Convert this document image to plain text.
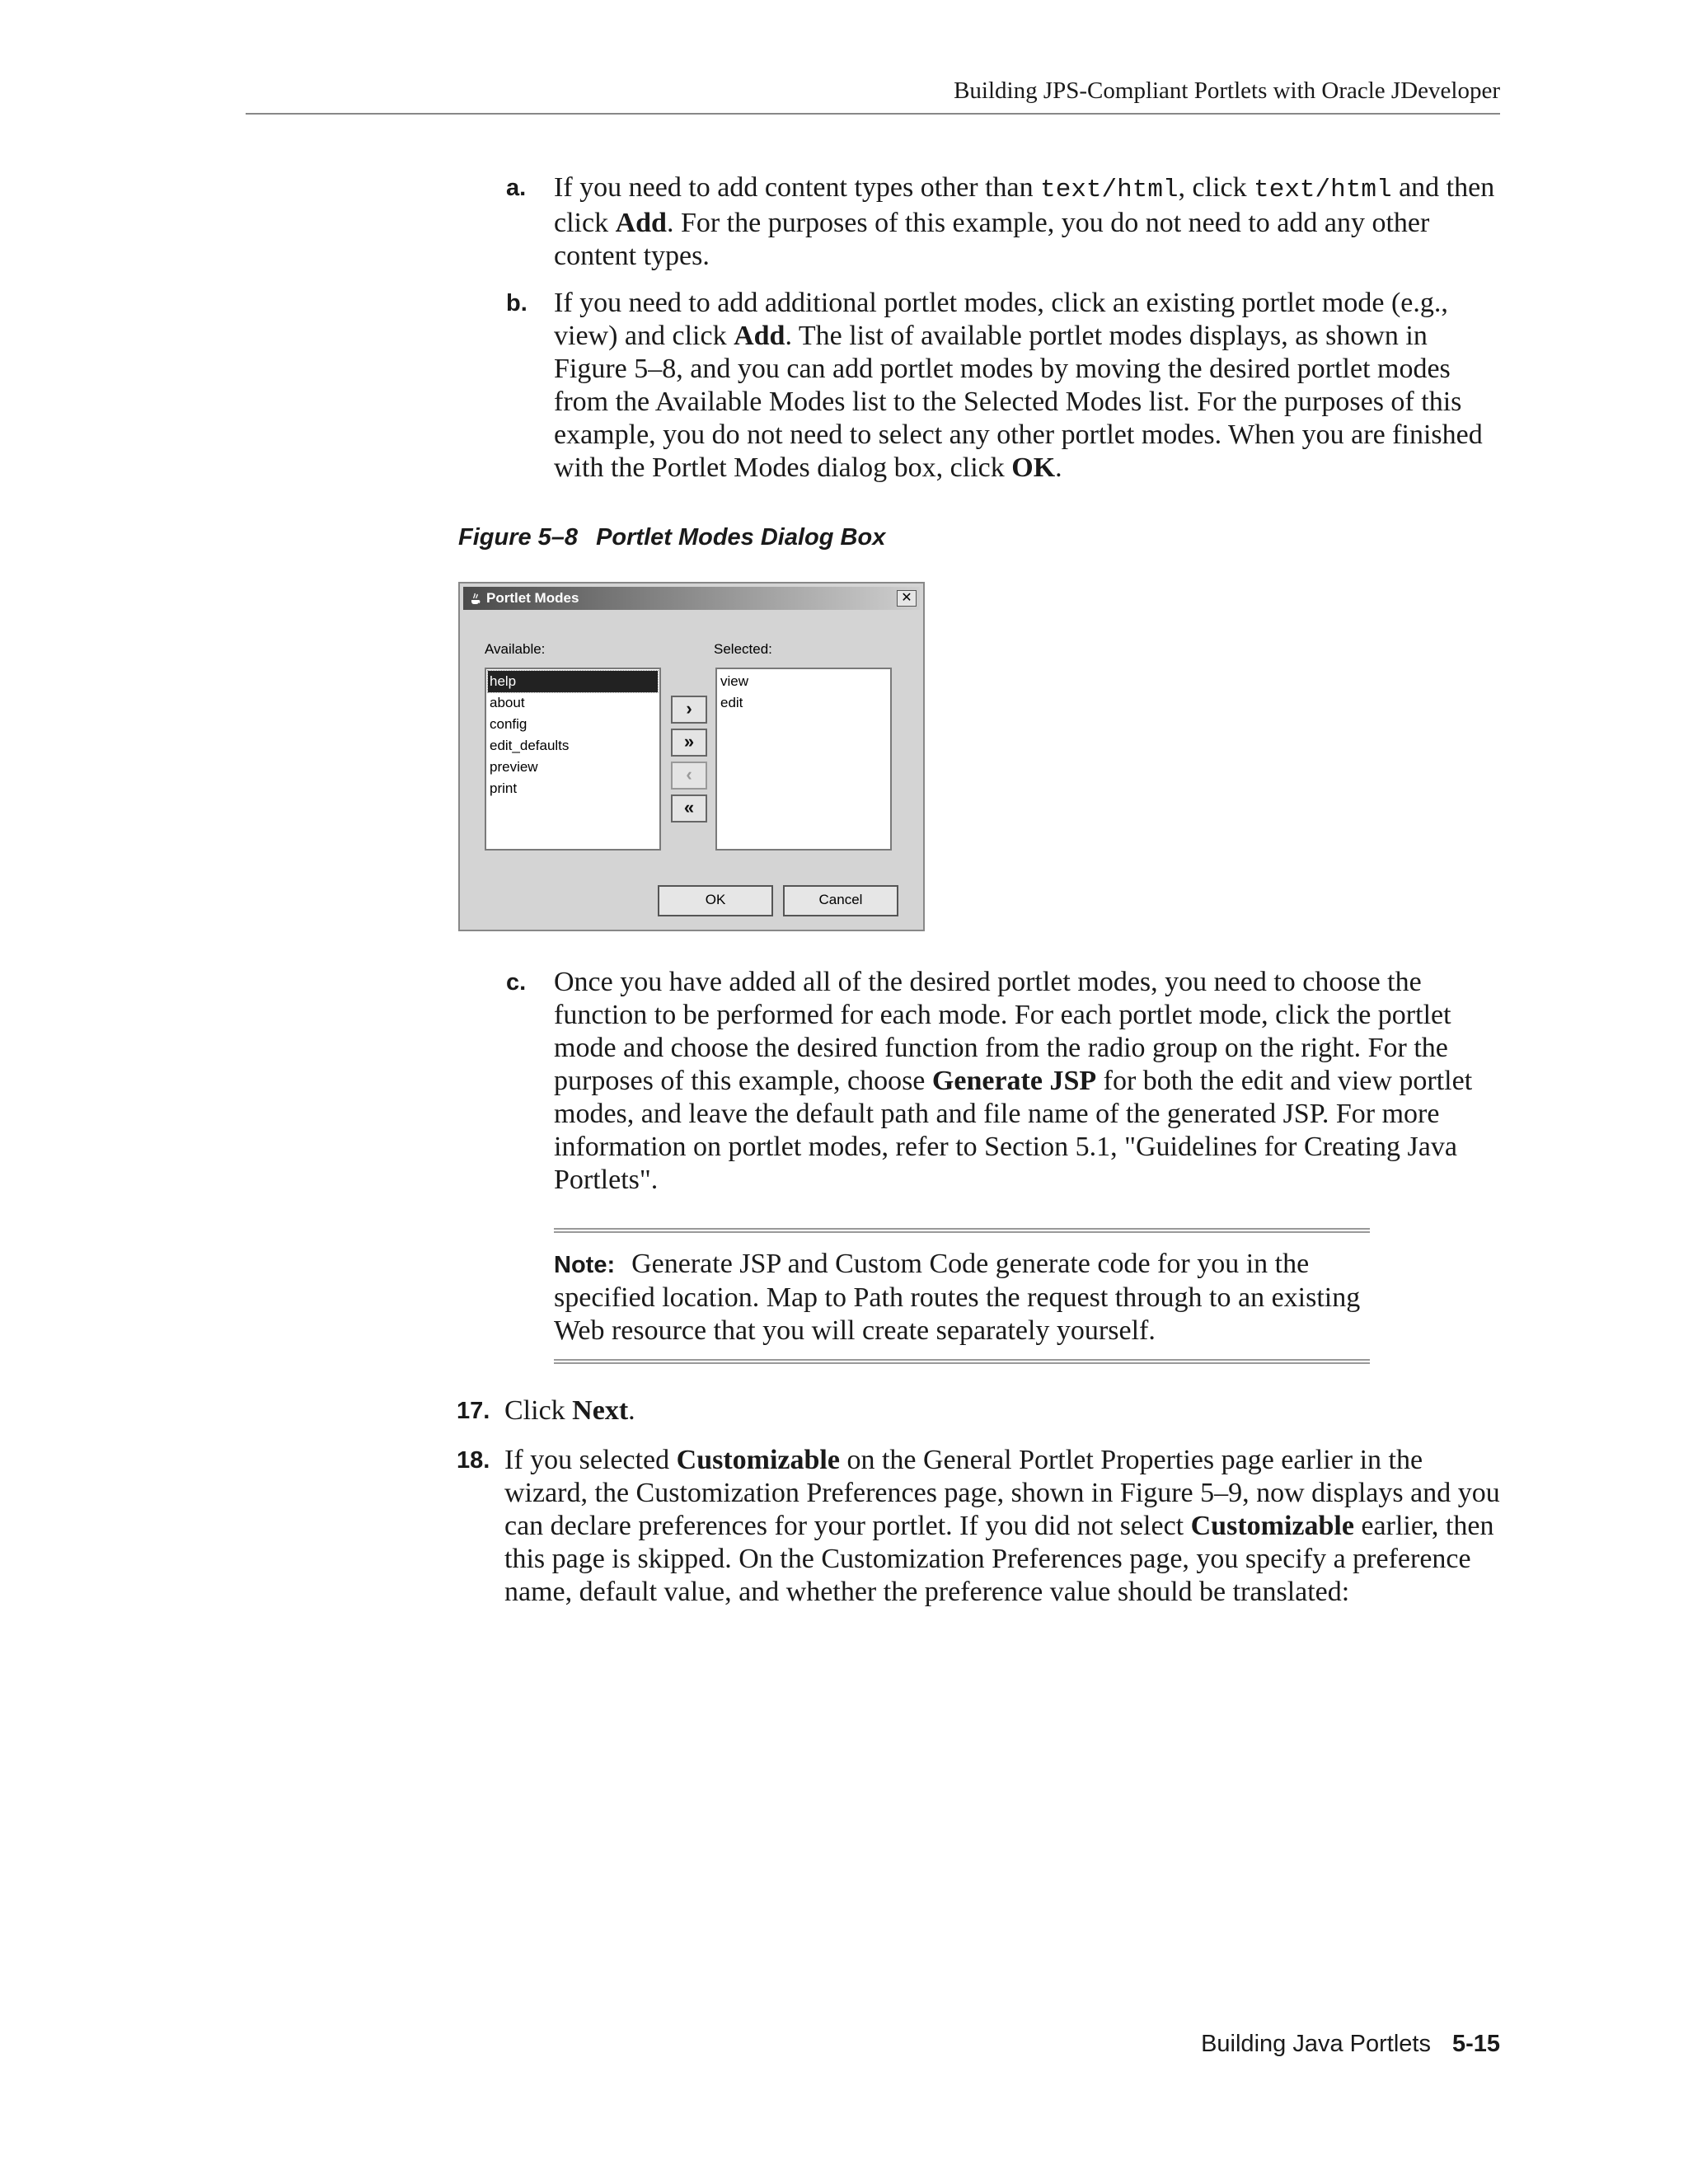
Building JPS-Compliant Portlets with Oracle JDeveloper
a. If you need to add content types other than text/html, click text/html and then click Add. For the purposes of this example, you do not need to add any other content types.

b. If you need to add additional portlet modes, click an existing portlet mode (e.g., view) and click Add. The list of available portlet modes displays, as shown in Figure 5–8, and you can add portlet modes by moving the desired portlet modes from the Available Modes list to the Selected Modes list. For the purposes of this example, you do not need to select any other portlet modes. When you are finished with the Portlet Modes dialog box, click OK.

Figure 5–8 Portlet Modes Dialog Box
Portlet Modes	✕
Available:	Selected:
help
about
config
edit_defaults
preview
print
›
»
‹
«
view
edit
OK	Cancel
c. Once you have added all of the desired portlet modes, you need to choose the function to be performed for each mode. For each portlet mode, click the portlet mode and choose the desired function from the radio group on the right. For the purposes of this example, choose Generate JSP for both the edit and view portlet modes, and leave the default path and file name of the generated JSP. For more information on portlet modes, refer to Section 5.1, "Guidelines for Creating Java Portlets".

Note: Generate JSP and Custom Code generate code for you in the specified location. Map to Path routes the request through to an existing Web resource that you will create separately yourself.
17. Click Next.

18. If you selected Customizable on the General Portlet Properties page earlier in the wizard, the Customization Preferences page, shown in Figure 5–9, now displays and you can declare preferences for your portlet. If you did not select Customizable earlier, then this page is skipped. On the Customization Preferences page, you specify a preference name, default value, and whether the preference value should be translated:

Building Java Portlets 5-15
